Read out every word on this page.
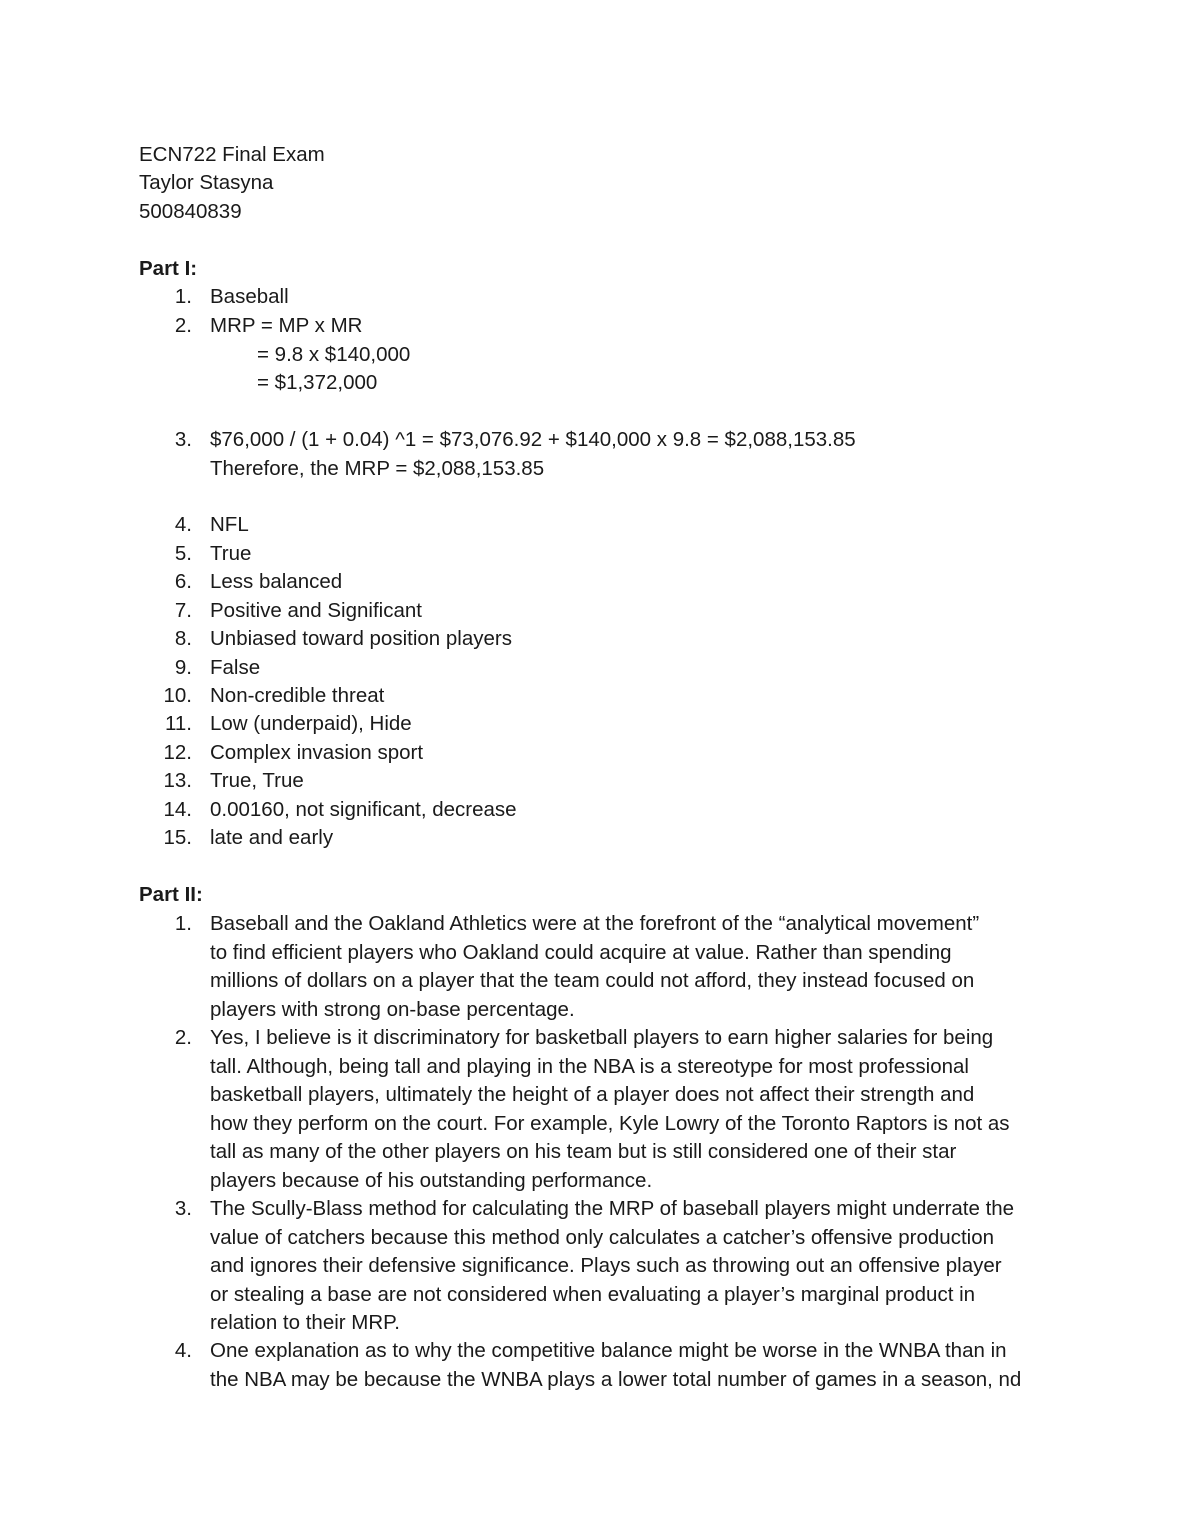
ECN722 Final Exam
Taylor Stasyna
500840839
Part I:
1. Baseball
2. MRP = MP x MR
= 9.8 x $140,000
= $1,372,000
3. $76,000 / (1 + 0.04) ^1 = $73,076.92 + $140,000 x 9.8 = $2,088,153.85
Therefore, the MRP = $2,088,153.85
4. NFL
5. True
6. Less balanced
7. Positive and Significant
8. Unbiased toward position players
9. False
10. Non-credible threat
11. Low (underpaid), Hide
12. Complex invasion sport
13. True, True
14. 0.00160, not significant, decrease
15. late and early
Part II:
1. Baseball and the Oakland Athletics were at the forefront of the “analytical movement”
to find efficient players who Oakland could acquire at value. Rather than spending
millions of dollars on a player that the team could not afford, they instead focused on
players with strong on-base percentage.
2. Yes, I believe is it discriminatory for basketball players to earn higher salaries for being
tall. Although, being tall and playing in the NBA is a stereotype for most professional
basketball players, ultimately the height of a player does not affect their strength and
how they perform on the court. For example, Kyle Lowry of the Toronto Raptors is not as
tall as many of the other players on his team but is still considered one of their star
players because of his outstanding performance.
3. The Scully-Blass method for calculating the MRP of baseball players might underrate the
value of catchers because this method only calculates a catcher’s offensive production
and ignores their defensive significance. Plays such as throwing out an offensive player
or stealing a base are not considered when evaluating a player’s marginal product in
relation to their MRP.
4. One explanation as to why the competitive balance might be worse in the WNBA than in
the NBA may be because the WNBA plays a lower total number of games in a season, nd
